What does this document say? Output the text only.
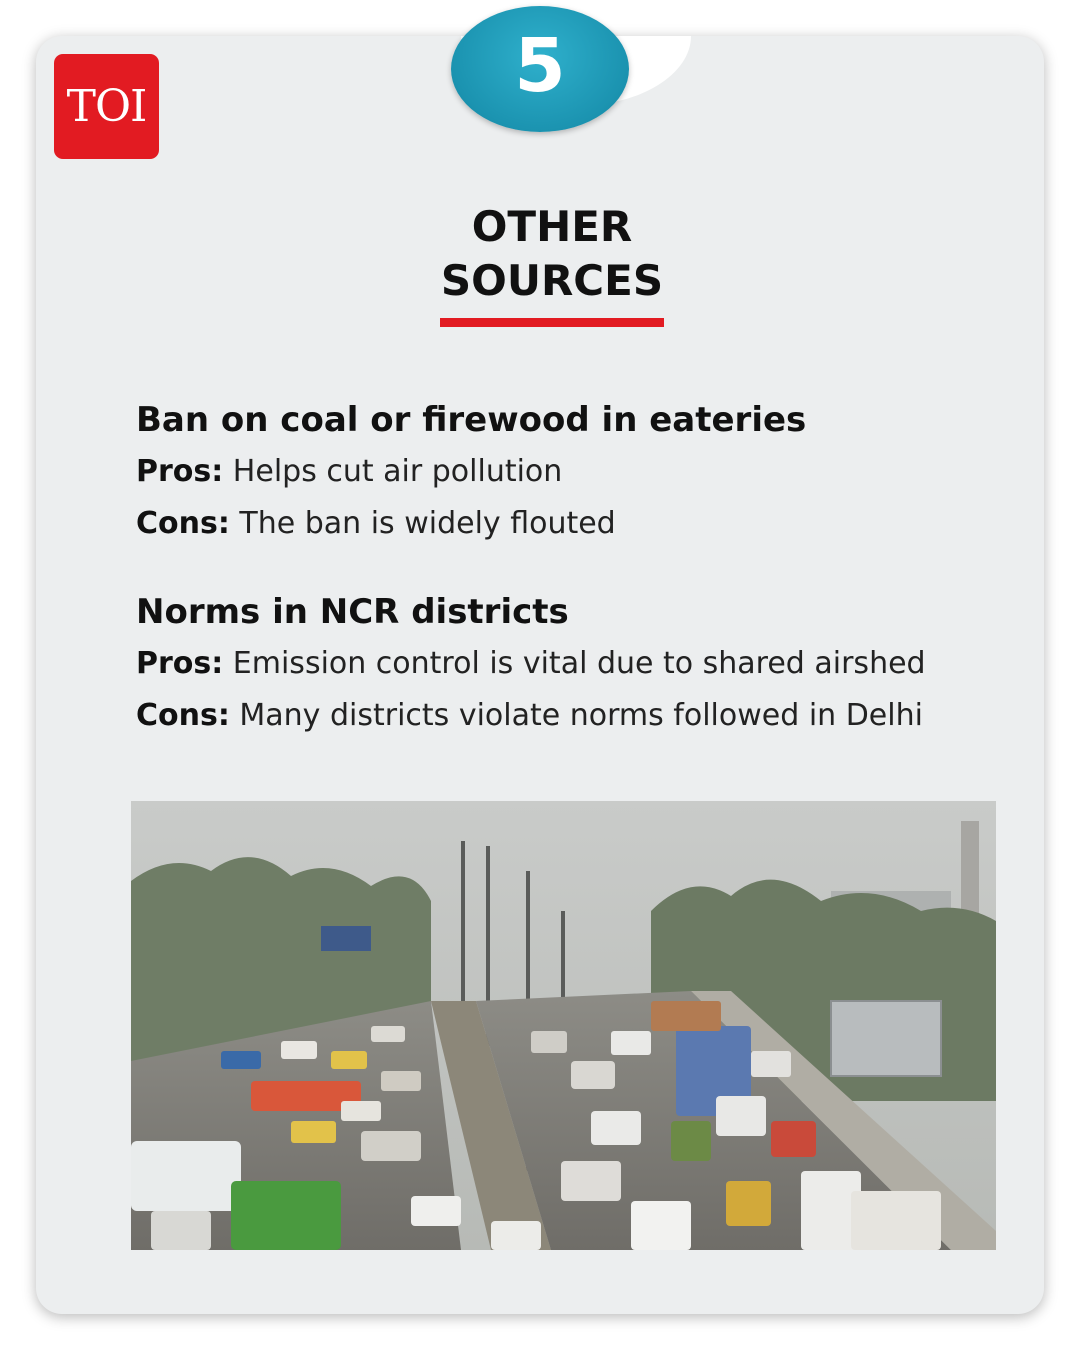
5
TOI
OTHER
SOURCES
Ban on coal or firewood in eateries
Pros: Helps cut air pollution
Cons: The ban is widely flouted
Norms in NCR districts
Pros: Emission control is vital due to shared airshed
Cons: Many districts violate norms followed in Delhi
